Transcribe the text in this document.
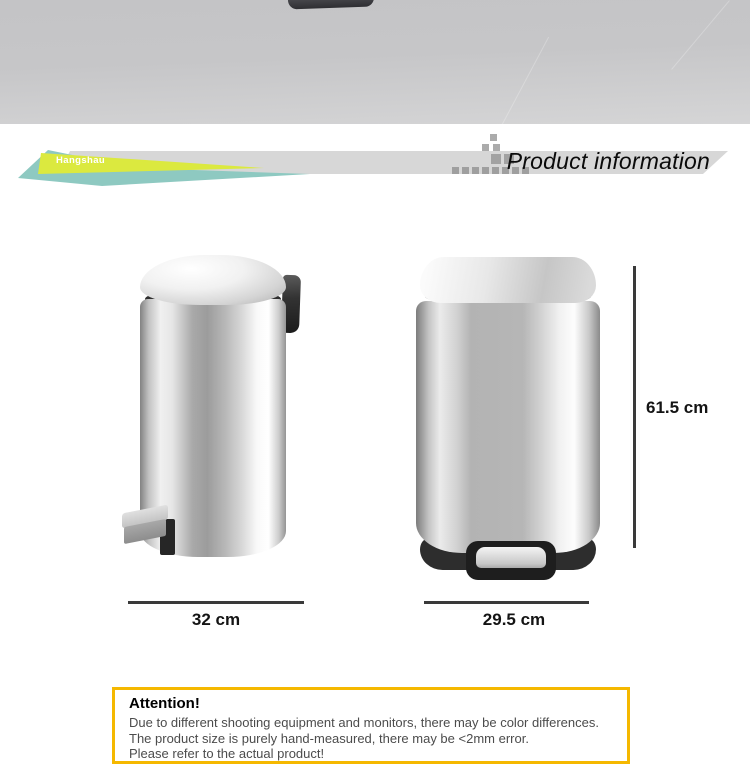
Hangshau	Product information
61.5 cm
32 cm	29.5 cm
Attention!
Due to different shooting equipment and monitors, there may be color differences.
The product size is purely hand-measured, there may be <2mm error.
Please refer to the actual product!
